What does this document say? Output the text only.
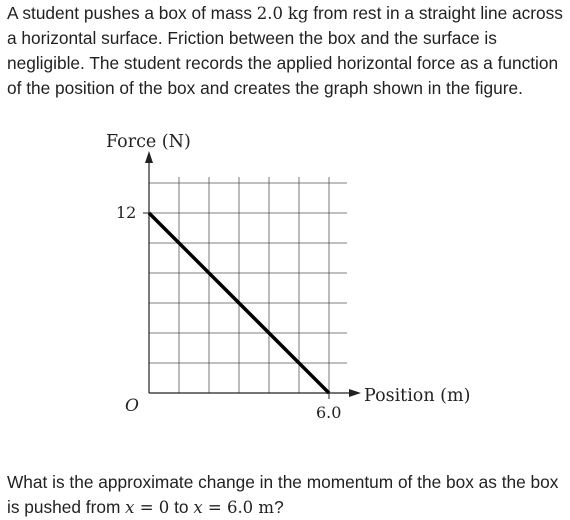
A student pushes a box of mass 2.0 kg from rest in a straight line across a horizontal surface. Friction between the box and the surface is negligible. The student records the applied horizontal force as a function of the position of the box and creates the graph shown in the figure.

Force (N)
Position (m)
12
6.0
O

What is the approximate change in the momentum of the box as the box is pushed from x = 0 to x = 6.0 m?
